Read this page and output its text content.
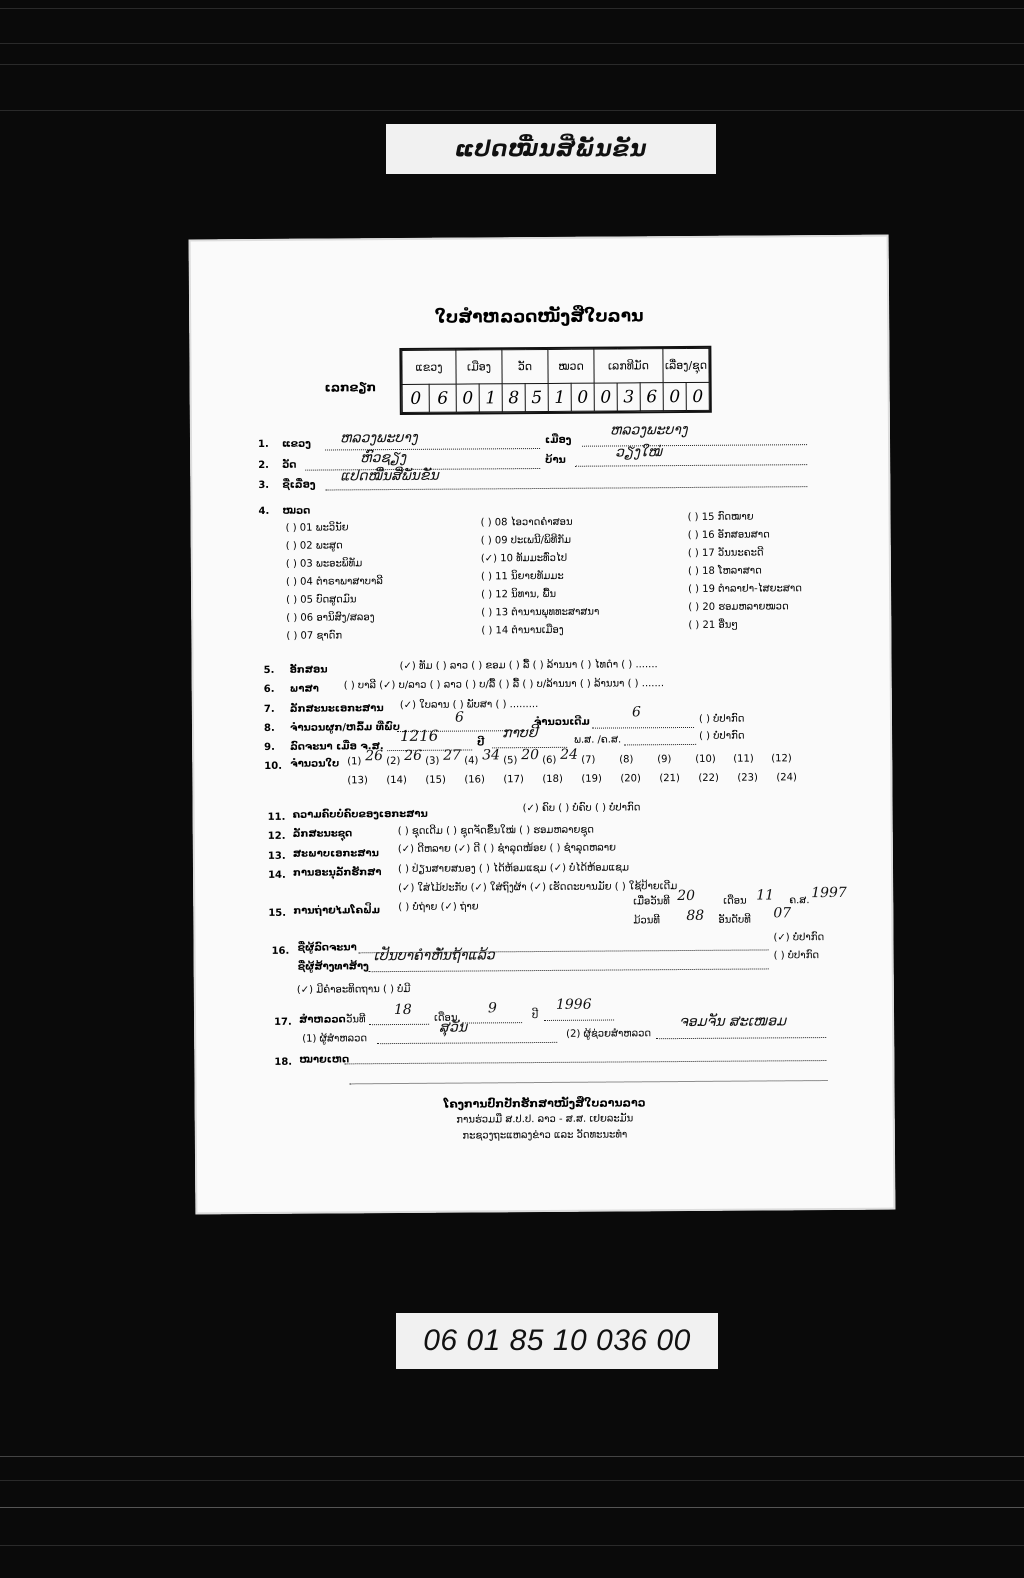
ແປດໝື່ນສີ່ພັນຂັນ
ໃບສຳຫລວດໜັງສືໃບລານ
ເລກຂຽກ
ແຂວງ		ເມືອງ		ວັດ		ໝວດ		ເລກທີມັດ			ເລື່ອງ/ຊຸດ	
0	6	0	1	8	5	1	0	0	3	6	0	0
1. ແຂວງ ຫລວງພະບາງ	ເມືອງ
ຫລວງພະບາງ
2. ວັດ	ຫົວຊຽງ	ບ້ານ	ວຽງໃໝ່
3. ຊື່ເລື່ອງ
ແປດໝື່ນສີ່ພັນຂັນ
4. ໝວດ
( ) 01 ພະວິນັຍ
( ) 02 ພະສູດ
( ) 03 ພະອະພິທັມ
( ) 04 ຕຳຣາພາສາບາລີ
( ) 05 ບົດສູດມົນ
( ) 06 ອານິສົງ/ສລອງ
( ) 07 ຊາດົກ
( ) 08 ໄອວາດຄຳສອນ
( ) 09 ປະເພນີ/ພິທີກັມ
(✓) 10 ທັມມະທົ່ວໄປ
( ) 11 ນິຍາຍທັມມະ
( ) 12 ນິທານ, ພື້ນ
( ) 13 ຕຳນານພຸທທະສາສນາ
( ) 14 ຕຳນານເມືອງ
( ) 15 ກົດໝາຍ
( ) 16 ອັກສອນສາດ
( ) 17 ວັນນະຄະດີ
( ) 18 ໂຫລາສາດ
( ) 19 ຕຳລາຢາ-ໄສຍະສາດ
( ) 20 ຮອມຫລາຍໝວດ
( ) 21 ອື່ນໆ
5. ອັກສອນ	(✓) ທັມ ( ) ລາວ ( ) ຂອມ ( ) ລື້ ( ) ລ້ານນາ ( ) ໄທດຳ ( ) .......
6. ພາສາ ( ) ບາລີ (✓) ບ/ລາວ ( ) ລາວ ( ) ບ/ລື້ ( ) ລື້ ( ) ບ/ລ້ານນາ ( ) ລ້ານນາ ( ) .......
7. ລັກສະນະເອກະສານ (✓) ໃບລານ ( ) ພັບສາ ( ) .........
8. ຈຳນວນຜູກ/ຫລົ້ມ ທີ່ພົບ
6	ຈຳນວນເດີມ
6	( ) ບໍ່ປາກົດ
9. ລົດຈະນາ ເມື່ອ ຈ.ສ.
1216	ປີ
ກາບຢີ	ພ.ສ. /ຄ.ສ.	( ) ບໍ່ປາກົດ
10. ຈຳນວນໃບ
11. ຄວາມຄົບບໍ່ຄົບຂອງເອກະສານ
(✓) ຄົບ ( ) ບໍ່ຄົບ ( ) ບໍ່ປາກົດ
12. ລັກສະນະຊຸດ	( ) ຊຸດເດີມ ( ) ຊຸດຈັດຂຶ້ນໃໝ່ ( ) ຮອມຫລາຍຊຸດ
13. ສະພາບເອກະສານ (✓) ດີຫລາຍ (✓) ດີ ( ) ຊຳລຸດໜ້ອຍ ( ) ຊຳລຸດຫລາຍ
14. ການອະນຸລັກຮັກສາ ( ) ປ່ຽນສາຍສນອງ ( ) ໄດ້ຫ້ອມແຊມ (✓) ບໍ່ໄດ້ຫ້ອມແຊມ
(✓) ໃສ່ໄມ້ປະກັບ (✓) ໃສ່ຖົງຜ້າ (✓) ເຮັດດະບານມັຍ ( ) ໃຊ້ປ້າຍເດີມ
15. ການຖ່າຍໄມໂຄຟິມ ( ) ບໍ່ຖ່າຍ (✓) ຖ່າຍ	ເມື່ອວັນທີ 20	ເດືອນ 11 ຄ.ສ. 1997
ມ້ວນທີ 88 ອັນດັບທີ 07
16. ຊື່ຜູ້ລົດຈະນາ
(✓) ບໍ່ປາກົດ
ຊື່ຜູ້ສ້າງທາສ້າງ
ເປັນບາຄຳຫັ່ນຖ້າແລ້ວ	( ) ບໍ່ປາກົດ
(✓) ມີຄຳອະທິດຖານ ( ) ບໍ່ມີ
17. ສຳຫລວດ ວັນທີ
18
ເດືອນ
9	ປີ
1996
(1) ຜູ້ສຳຫລວດ
ສຸວັນ	(2) ຜູ້ຊ່ວຍສຳຫລວດ
ຈອມຈັນ ສະເໜອມ
18. ໝາຍເຫດ
ໂຄງການປົກປັກຮັກສາໜັງສືໃບລານລາວ
ການຮ່ວມມື ສ.ປ.ປ. ລາວ - ສ.ສ. ເຢຍລະມັນ
ກະຊວງຖະແຫລງຂ່າວ ແລະ ວັດທະນະທຳ
(1) 26 (2) 26 (3) 27 (4) 34 (5) 20 (6) 24 (7) (8) (9) (10) (11) (12)
(13) (14) (15) (16) (17) (18) (19) (20) (21) (22) (23) (24)
06 01 85 10 036 00
